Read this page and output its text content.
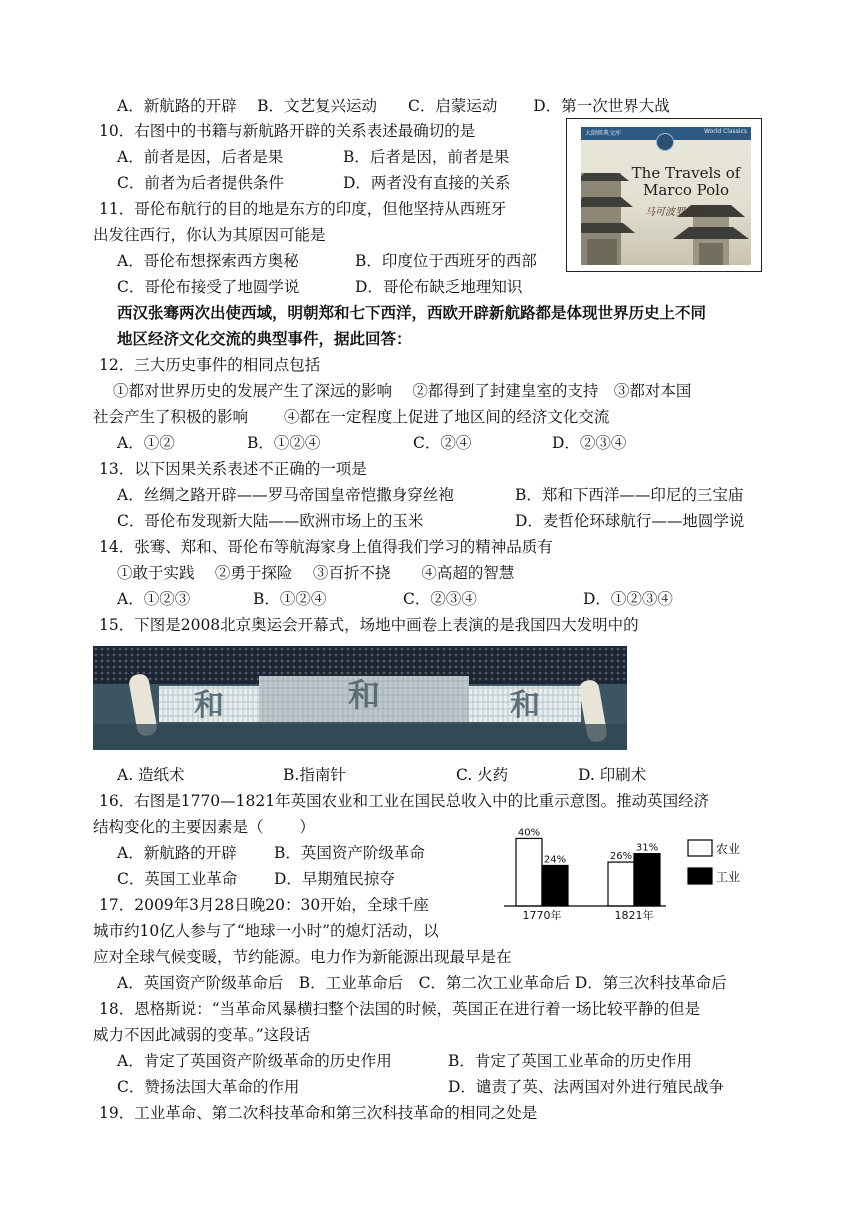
A．新航路的开辟　 B．文艺复兴运动　　C．启蒙运动　　 D．第一次世界大战
10．右图中的书籍与新航路开辟的关系表述最确切的是
A．前者是因，后者是果	B．后者是因，前者是果
C．前者为后者提供条件	D．两者没有直接的关系
11．哥伦布航行的目的地是东方的印度，但他坚持从西班牙
出发往西行，你认为其原因可能是
A．哥伦布想探索西方奥秘	B．印度位于西班牙的西部
C．哥伦布接受了地圆学说	D．哥伦布缺乏地理知识
西汉张骞两次出使西域，明朝郑和七下西洋，西欧开辟新航路都是体现世界历史上不同
地区经济文化交流的典型事件，据此回答：
12．三大历史事件的相同点包括
①都对世界历史的发展产生了深远的影响　 ②都得到了封建皇室的支持　③都对本国
社会产生了积极的影响　　 ④都在一定程度上促进了地区间的经济文化交流
A．①②	B．①②④	C．②④	D．②③④
13．以下因果关系表述不正确的一项是
A．丝绸之路开辟——罗马帝国皇帝恺撒身穿丝袍	B．郑和下西洋——印尼的三宝庙
C．哥伦布发现新大陆——欧洲市场上的玉米	D．麦哲伦环球航行——地圆学说
14．张骞、郑和、哥伦布等航海家身上值得我们学习的精神品质有
①敢于实践　 ②勇于探险　 ③百折不挠　　④高超的智慧
A．①②③	B．①②④	C．②③④	D．①②③④
15．下图是2008北京奥运会开幕式，场地中画卷上表演的是我国四大发明中的
和	和	和
A. 造纸术	B.指南针	C. 火药	D. 印刷术
16．右图是1770—1821年英国农业和工业在国民总收入中的比重示意图。推动英国经济
结构变化的主要因素是（　　 ）
A．新航路的开辟 B．英国资产阶级革命
C．英国工业革命 D．早期殖民掠夺
40%
24%
1770年
26%
31%
1821年
农业
工业
17．2009年3月28日晚20：30开始，全球千座
城市约10亿人参与了“地球一小时”的熄灯活动，以
应对全球气候变暖，节约能源。电力作为新能源出现最早是在
A．英国资产阶级革命后　B．工业革命后　C．第二次工业革命后 D．第三次科技革命后
18．恩格斯说：“当革命风暴横扫整个法国的时候，英国正在进行着一场比较平静的但是
威力不因此减弱的变革。”这段话
A．肯定了英国资产阶级革命的历史作用	B．肯定了英国工业革命的历史作用
C．赞扬法国大革命的作用	D．谴责了英、法两国对外进行殖民战争
19．工业革命、第二次科技革命和第三次科技革命的相同之处是
大師經典文库	World Classics
The Travels of Marco Polo
马可波罗游记
